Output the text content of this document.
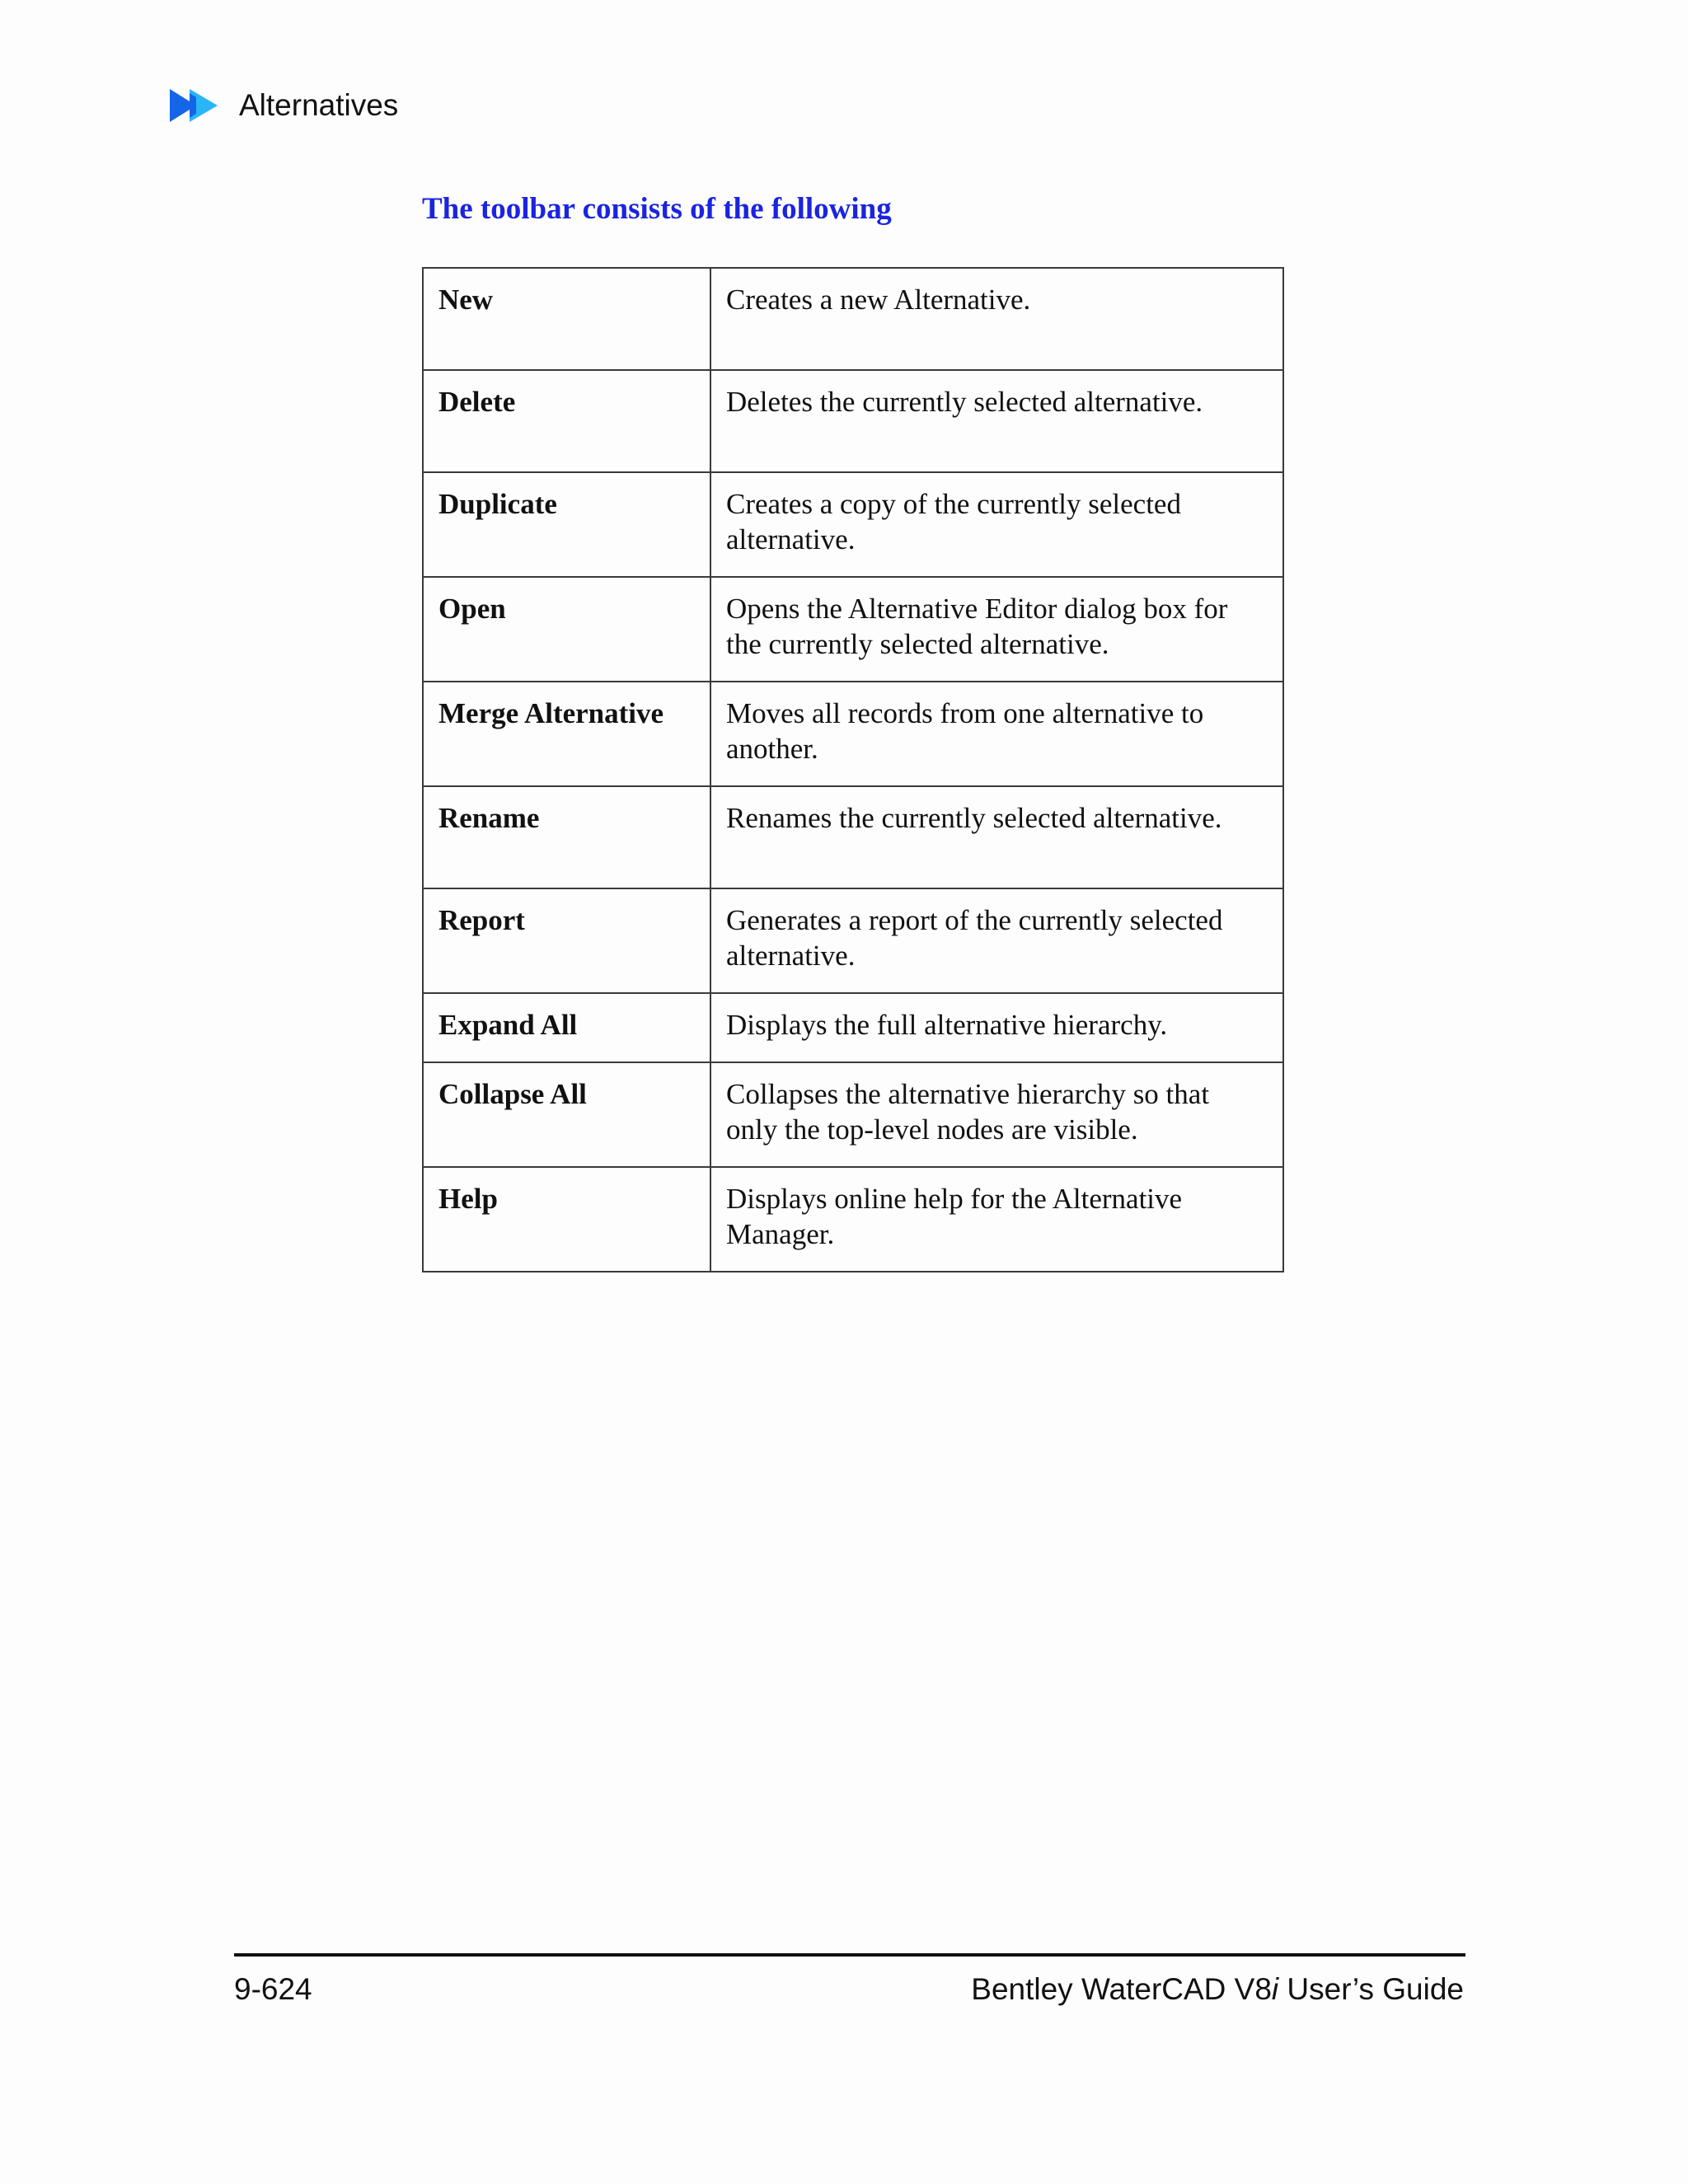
Alternatives
The toolbar consists of the following
New	Creates a new Alternative.
Delete	Deletes the currently selected alternative.
Duplicate	Creates a copy of the currently selected alternative.
Open	Opens the Alternative Editor dialog box for the currently selected alternative.
Merge Alternative	Moves all records from one alternative to another.
Rename	Renames the currently selected alternative.
Report	Generates a report of the currently selected alternative.
Expand All	Displays the full alternative hierarchy.
Collapse All	Collapses the alternative hierarchy so that only the top-level nodes are visible.
Help	Displays online help for the Alternative Manager.
9-624	Bentley WaterCAD V8i User’s Guide
